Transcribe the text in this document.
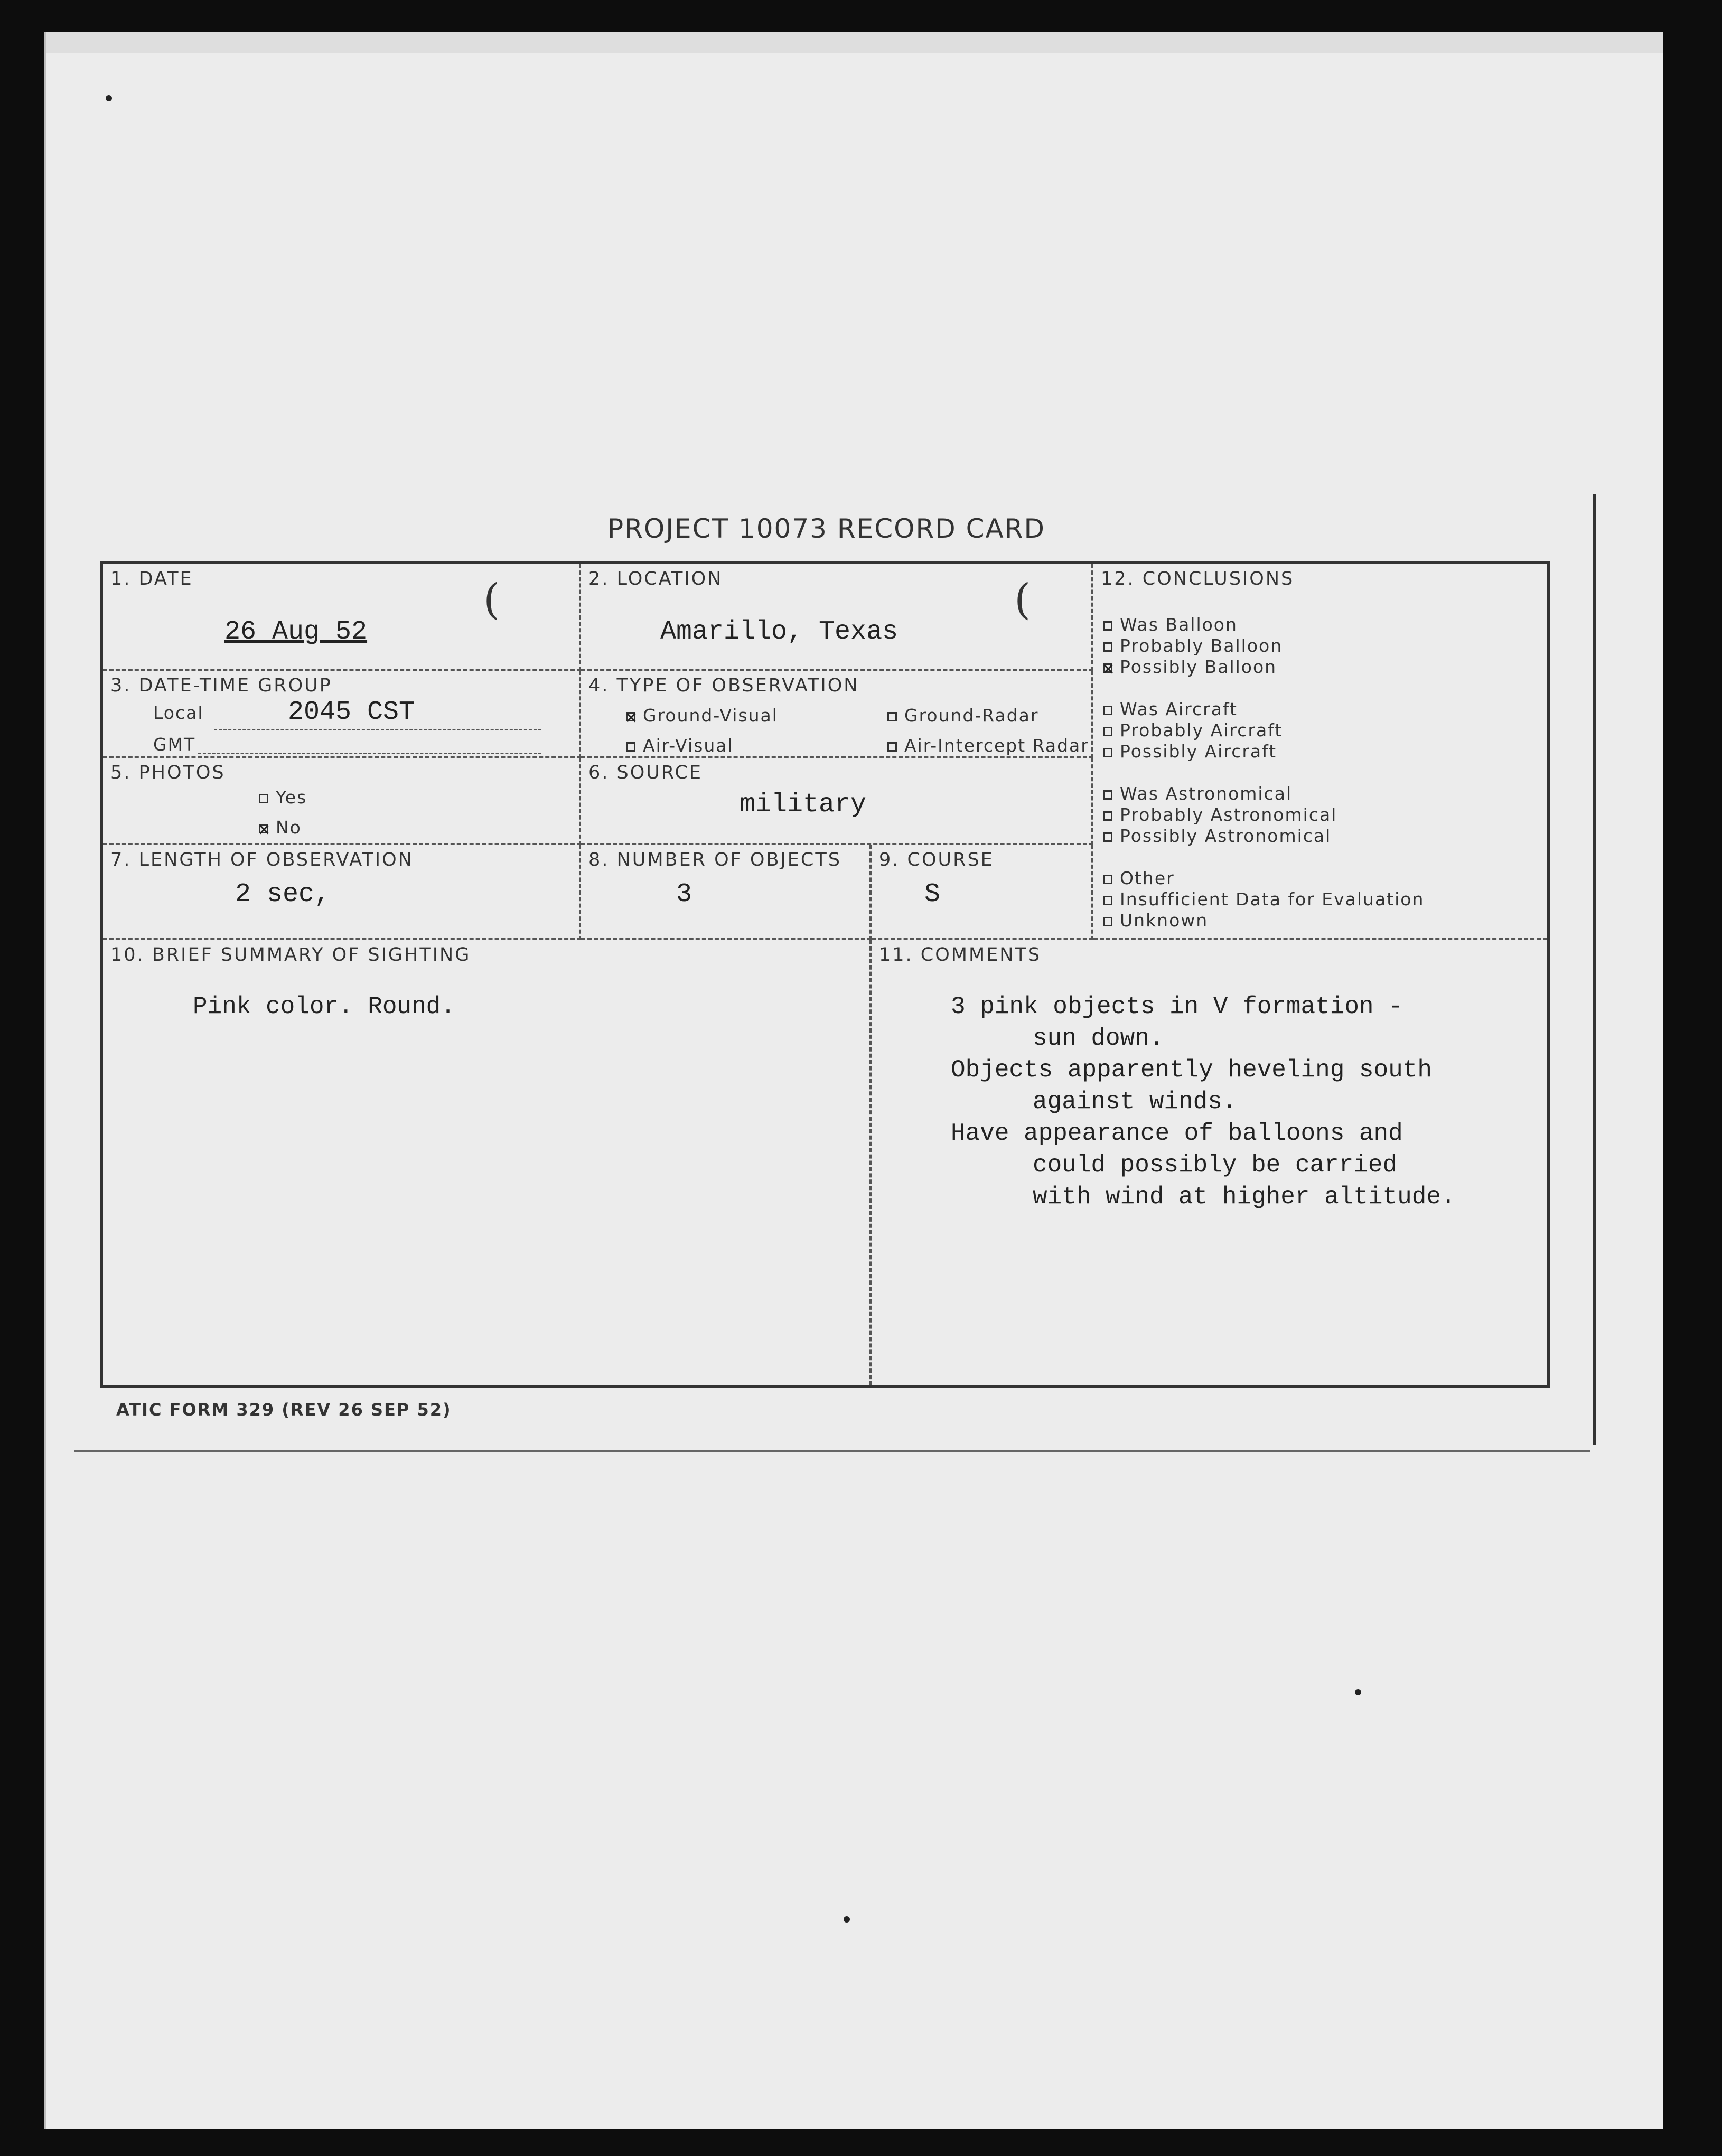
PROJECT 10073 RECORD CARD
1. DATE
26 Aug 52
(	2. LOCATION
Amarillo, Texas
(
3. DATE-TIME GROUP
Local	2045 CST
GMT
4. TYPE OF OBSERVATION
Ground-Visual	Ground-Radar
Air-Visual	Air-Intercept Radar
5. PHOTOS
Yes
No
6. SOURCE
military
7. LENGTH OF OBSERVATION
2 sec,
8. NUMBER OF OBJECTS
3
9. COURSE
S
12. CONCLUSIONS
Was Balloon
Probably Balloon
Possibly Balloon
Was Aircraft
Probably Aircraft
Possibly Aircraft
Was Astronomical
Probably Astronomical
Possibly Astronomical
Other
Insufficient Data for Evaluation
Unknown
10. BRIEF SUMMARY OF SIGHTING
Pink color. Round.
11. COMMENTS
3 pink objects in V formation -
sun down.
Objects apparently heveling south
against winds.
Have appearance of balloons and
could possibly be carried
with wind at higher altitude.
ATIC FORM 329 (REV 26 SEP 52)
